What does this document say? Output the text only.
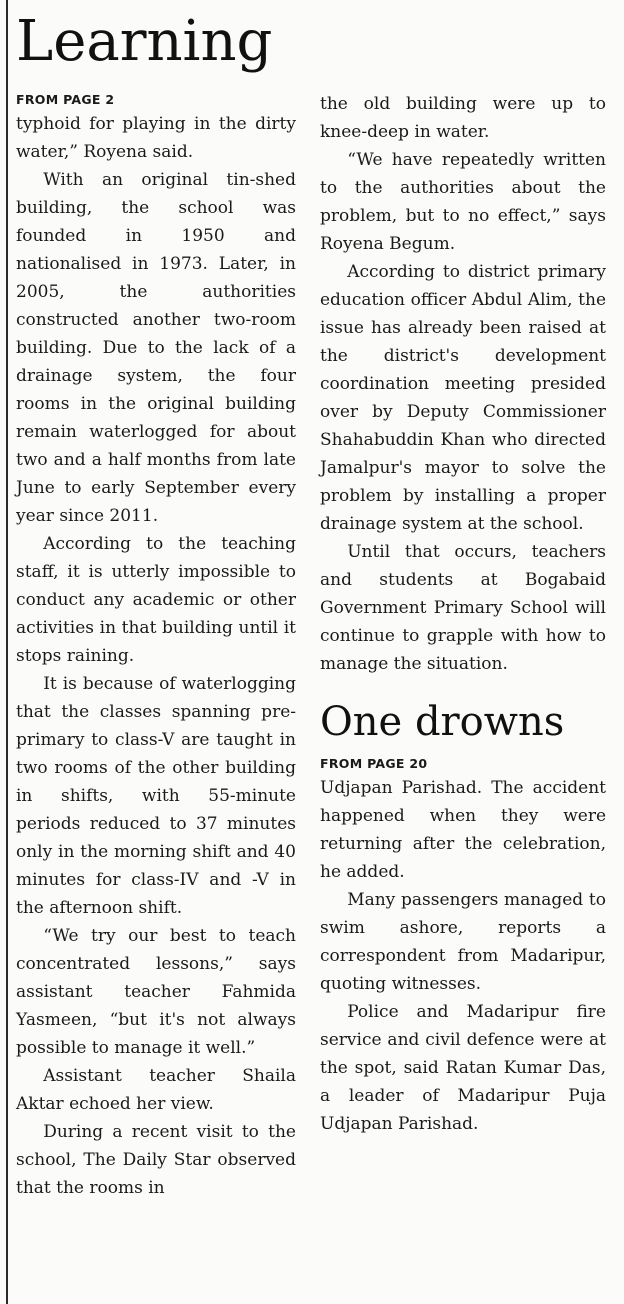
Learning
FROM PAGE 2

typhoid for playing in the dirty water,” Royena said.

With an original tin-shed building, the school was founded in 1950 and nationalised in 1973. Later, in 2005, the authorities constructed another two-room building. Due to the lack of a drainage system, the four rooms in the original building remain waterlogged for about two and a half months from late June to early September every year since 2011.

According to the teaching staff, it is utterly impossible to conduct any academic or other activities in that building until it stops raining.

It is because of waterlogging that the classes spanning pre-primary to class-V are taught in two rooms of the other building in shifts, with 55-minute periods reduced to 37 minutes only in the morning shift and 40 minutes for class-IV and -V in the afternoon shift.

“We try our best to teach concentrated lessons,” says assistant teacher Fahmida Yasmeen, “but it's not always possible to manage it well.”

Assistant teacher Shaila Aktar echoed her view.

During a recent visit to the school, The Daily Star observed that the rooms in

the old building were up to knee-deep in water.

“We have repeatedly written to the authorities about the problem, but to no effect,” says Royena Begum.

According to district primary education officer Abdul Alim, the issue has already been raised at the district's development coordination meeting presided over by Deputy Commissioner Shahabuddin Khan who directed Jamalpur's mayor to solve the problem by installing a proper drainage system at the school.

Until that occurs, teachers and students at Bogabaid Government Primary School will continue to grapple with how to manage the situation.

One drowns
FROM PAGE 20

Udjapan Parishad. The accident happened when they were returning after the celebration, he added.

Many passengers managed to swim ashore, reports a correspondent from Madaripur, quoting witnesses.

Police and Madaripur fire service and civil defence were at the spot, said Ratan Kumar Das, a leader of Madaripur Puja Udjapan Parishad.
